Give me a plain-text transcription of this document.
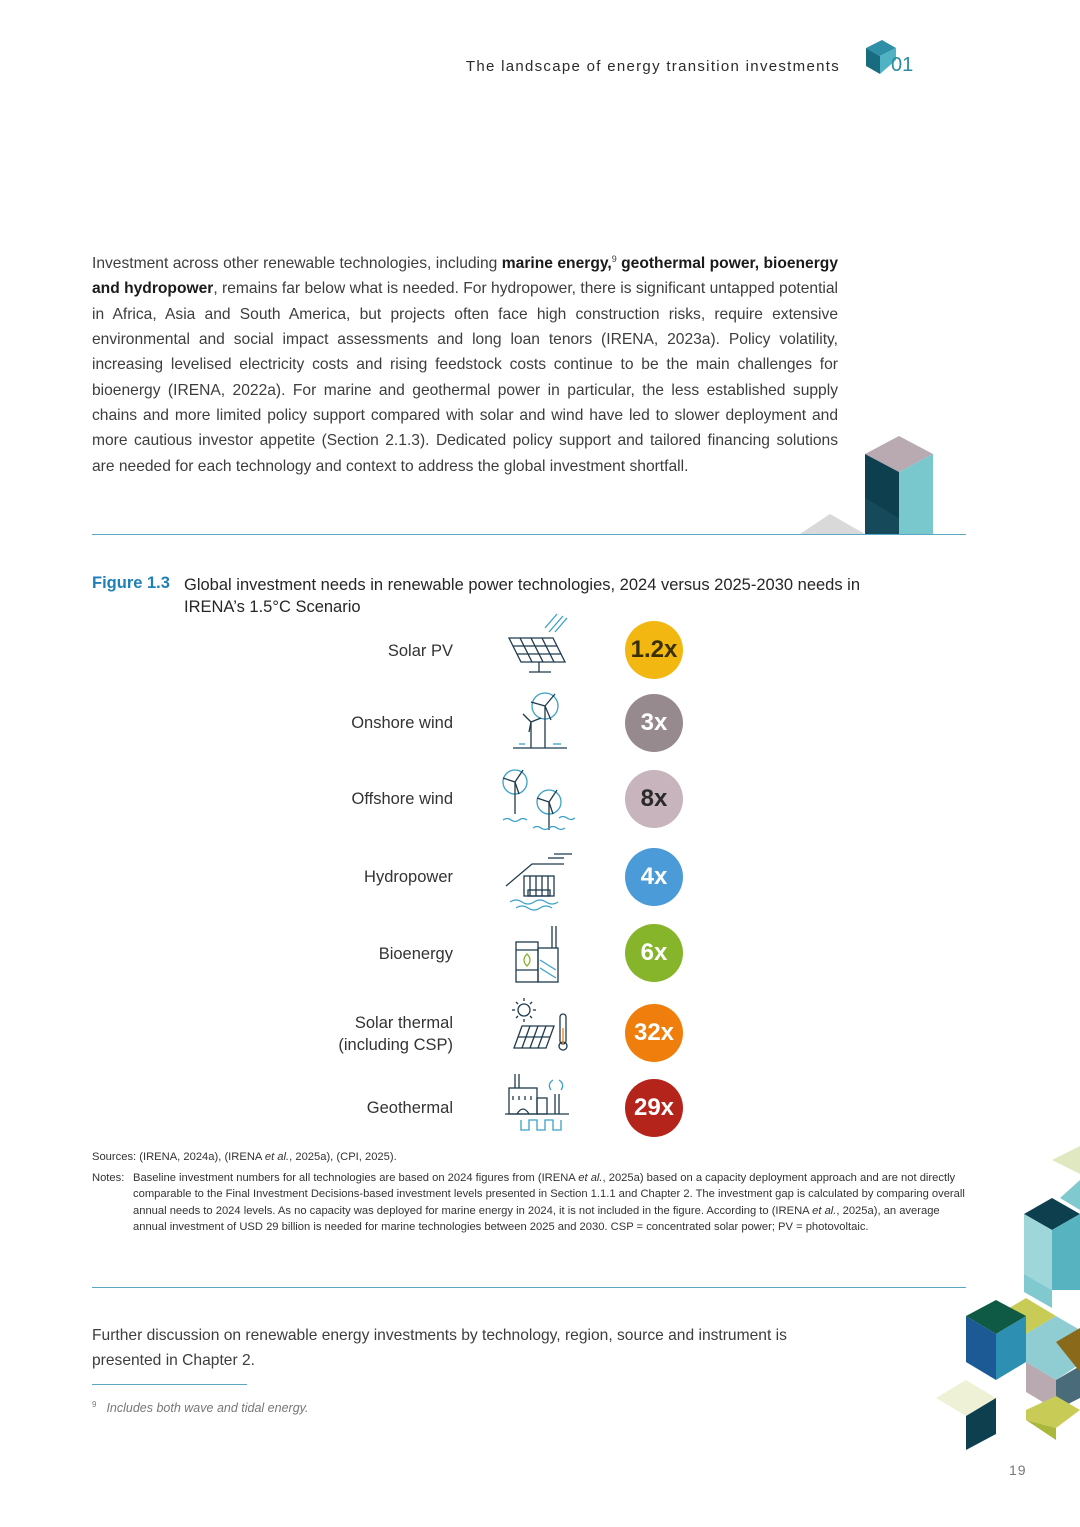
The landscape of energy transition investments	01

Investment across other renewable technologies, including marine energy,$^9$ geothermal power, bioenergy and hydropower, remains far below what is needed. For hydropower, there is significant untapped potential in Africa, Asia and South America, but projects often face high construction risks, require extensive environmental and social impact assessments and long loan tenors (IRENA, 2023a). Policy volatility, increasing levelised electricity costs and rising feedstock costs continue to be the main challenges for bioenergy (IRENA, 2022a). For marine and geothermal power in particular, the less established supply chains and more limited policy support compared with solar and wind have led to slower deployment and more cautious investor appetite (Section 2.1.3). Dedicated policy support and tailored financing solutions are needed for each technology and context to address the global investment shortfall.

Figure 1.3 Global investment needs in renewable power technologies, 2024 versus 2025-2030 needs in IRENA’s 1.5°C Scenario
Solar PV	1.2x
Onshore wind	3x
Offshore wind	8x
Hydropower	4x
Bioenergy	6x
Solar thermal
(including CSP)	32x
Geothermal	29x
Sources: (IRENA, 2024a), (IRENA et al., 2025a), (CPI, 2025).
Notes: Baseline investment numbers for all technologies are based on 2024 figures from (IRENA et al., 2025a) based on a capacity deployment approach and are not directly comparable to the Final Investment Decisions-based investment levels presented in Section 1.1.1 and Chapter 2. The investment gap is calculated by comparing overall annual needs to 2024 levels. As no capacity was deployed for marine energy in 2024, it is not included in the figure. According to (IRENA et al., 2025a), an average annual investment of USD 29 billion is needed for marine technologies between 2025 and 2030. CSP = concentrated solar power; PV = photovoltaic.

Further discussion on renewable energy investments by technology, region, source and instrument is presented in Chapter 2.

$^9$ Includes both wave and tidal energy.
19
